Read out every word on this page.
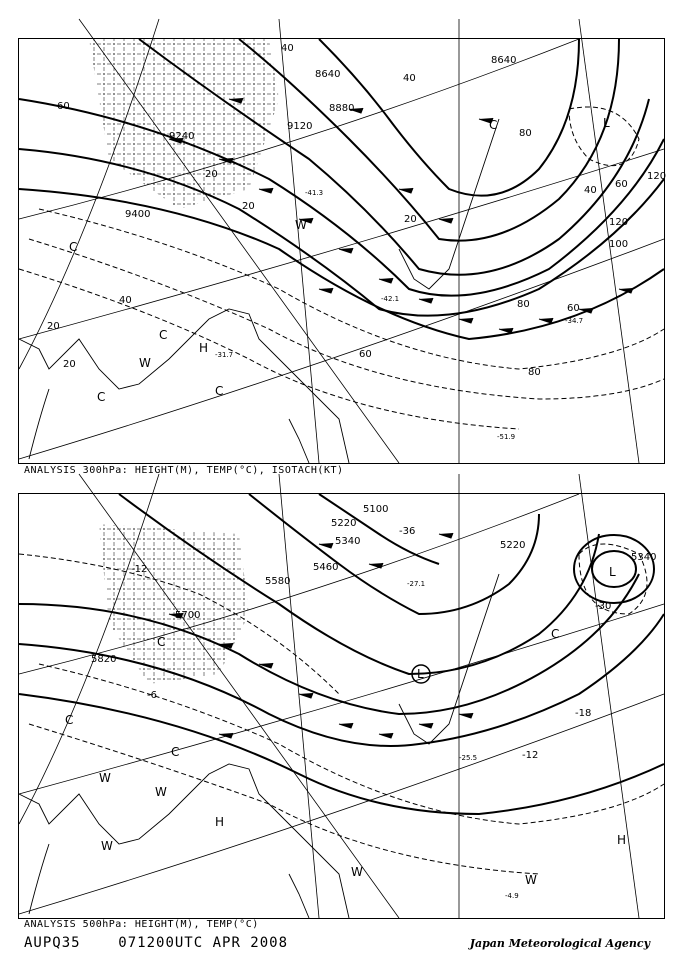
8640
8880
9120
9240
9400
8640
40
60
80
100
120
40
20
60
80
40
20
60
40
120
20
20
20
80
60
-51.9
-42.1
-41.3
-34.7
-31.7
L
C
C
C	C
H
W
W
C
ANALYSIS 300hPa: HEIGHT(M), TEMP(°C), ISOTACH(KT)
5100
5220
5340
5580
5460
5700
5820
5220
5340
-12
-36
-30
-18
-12
-6
-27.1
-25.5
-4.9
L
C
L
C
C
C
H
H
W
W
W
W
W
ANALYSIS 500hPa: HEIGHT(M), TEMP(°C)
AUPQ35	071200UTC APR 2008	Japan Meteorological Agency
